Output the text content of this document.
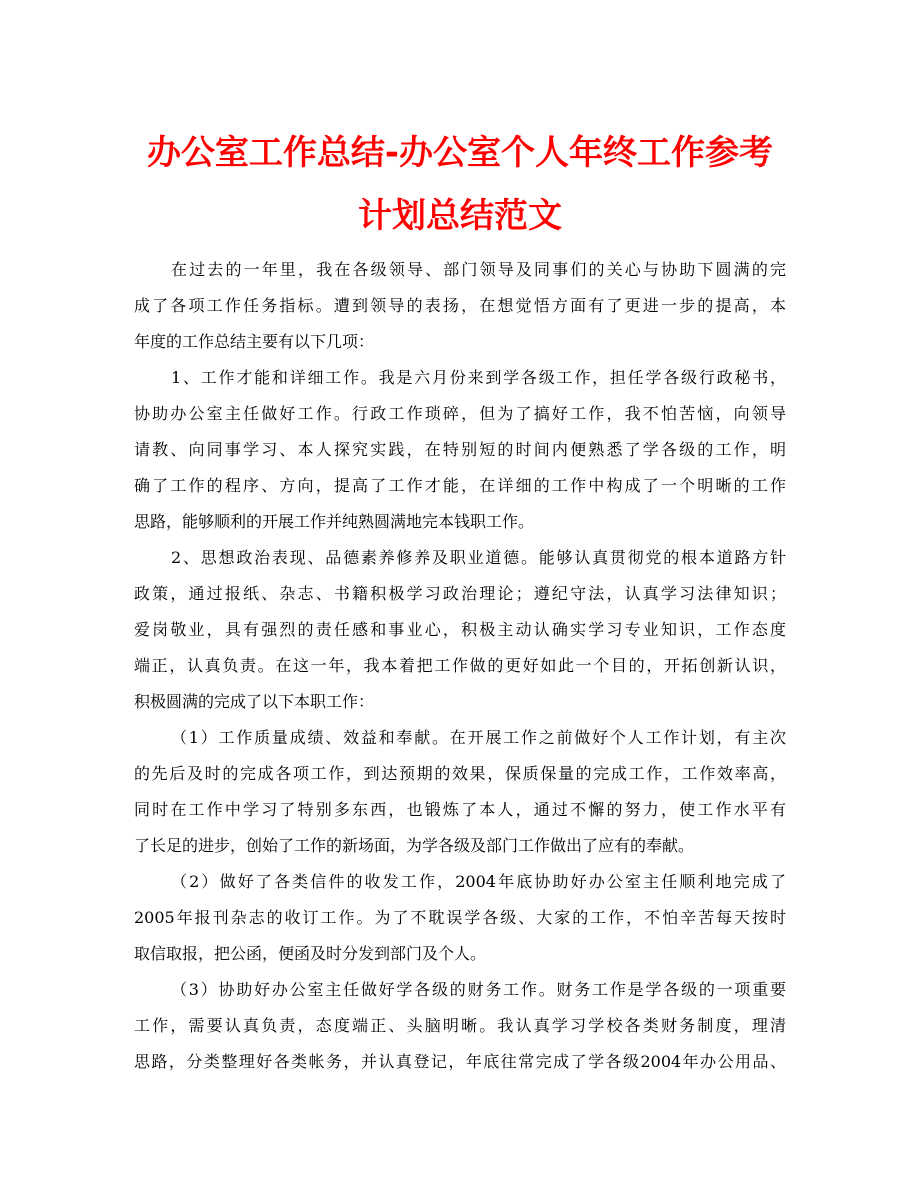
办公室工作总结-办公室个人年终工作参考
计划总结范文
在过去的一年里，我在各级领导、部门领导及同事们的关心与协助下圆满的完
成了各项工作任务指标。遭到领导的表扬，在想觉悟方面有了更进一步的提高，本
年度的工作总结主要有以下几项：
1、工作才能和详细工作。我是六月份来到学各级工作，担任学各级行政秘书，
协助办公室主任做好工作。行政工作琐碎，但为了搞好工作，我不怕苦恼，向领导
请教、向同事学习、本人探究实践，在特别短的时间内便熟悉了学各级的工作，明
确了工作的程序、方向，提高了工作才能，在详细的工作中构成了一个明晰的工作
思路，能够顺利的开展工作并纯熟圆满地完本钱职工作。
2、思想政治表现、品德素养修养及职业道德。能够认真贯彻党的根本道路方针
政策，通过报纸、杂志、书籍积极学习政治理论；遵纪守法，认真学习法律知识；
爱岗敬业，具有强烈的责任感和事业心，积极主动认确实学习专业知识，工作态度
端正，认真负责。在这一年，我本着把工作做的更好如此一个目的，开拓创新认识，
积极圆满的完成了以下本职工作：
（1）工作质量成绩、效益和奉献。在开展工作之前做好个人工作计划，有主次
的先后及时的完成各项工作，到达预期的效果，保质保量的完成工作，工作效率高，
同时在工作中学习了特别多东西，也锻炼了本人，通过不懈的努力，使工作水平有
了长足的进步，创始了工作的新场面，为学各级及部门工作做出了应有的奉献。
（2）做好了各类信件的收发工作，2004年底协助好办公室主任顺利地完成了
2005年报刊杂志的收订工作。为了不耽误学各级、大家的工作，不怕辛苦每天按时
取信取报，把公函，便函及时分发到部门及个人。
（3）协助好办公室主任做好学各级的财务工作。财务工作是学各级的一项重要
工作，需要认真负责，态度端正、头脑明晰。我认真学习学校各类财务制度，理清
思路，分类整理好各类帐务，并认真登记，年底往常完成了学各级2004年办公用品、
